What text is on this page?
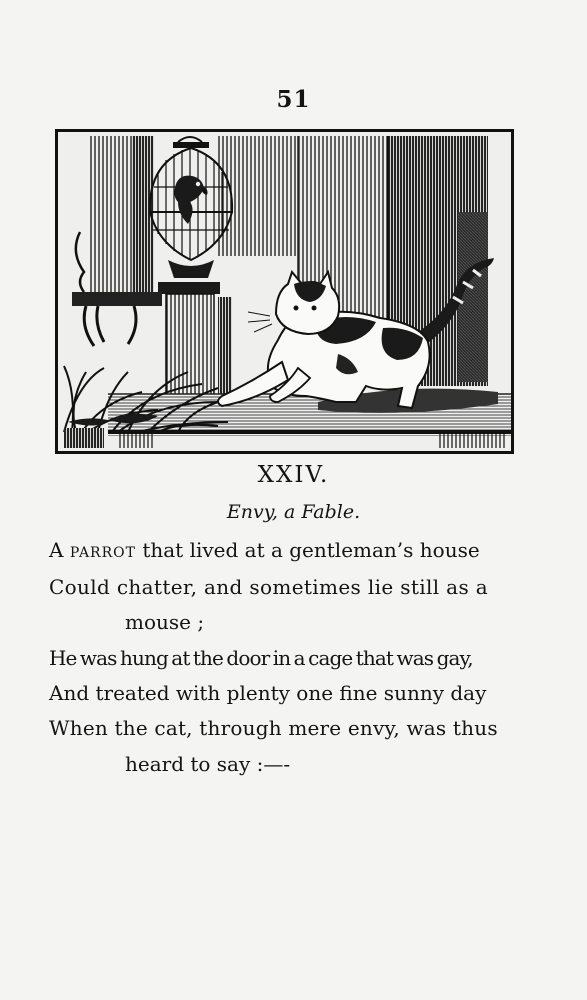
51
XXIV.
Envy, a Fable.
A parrot that lived at a gentleman’s house
Could chatter, and sometimes lie still as a
mouse ;
He was hung at the door in a cage that was gay,
And treated with plenty one fine sunny day
When the cat, through mere envy, was thus
heard to say :—-
